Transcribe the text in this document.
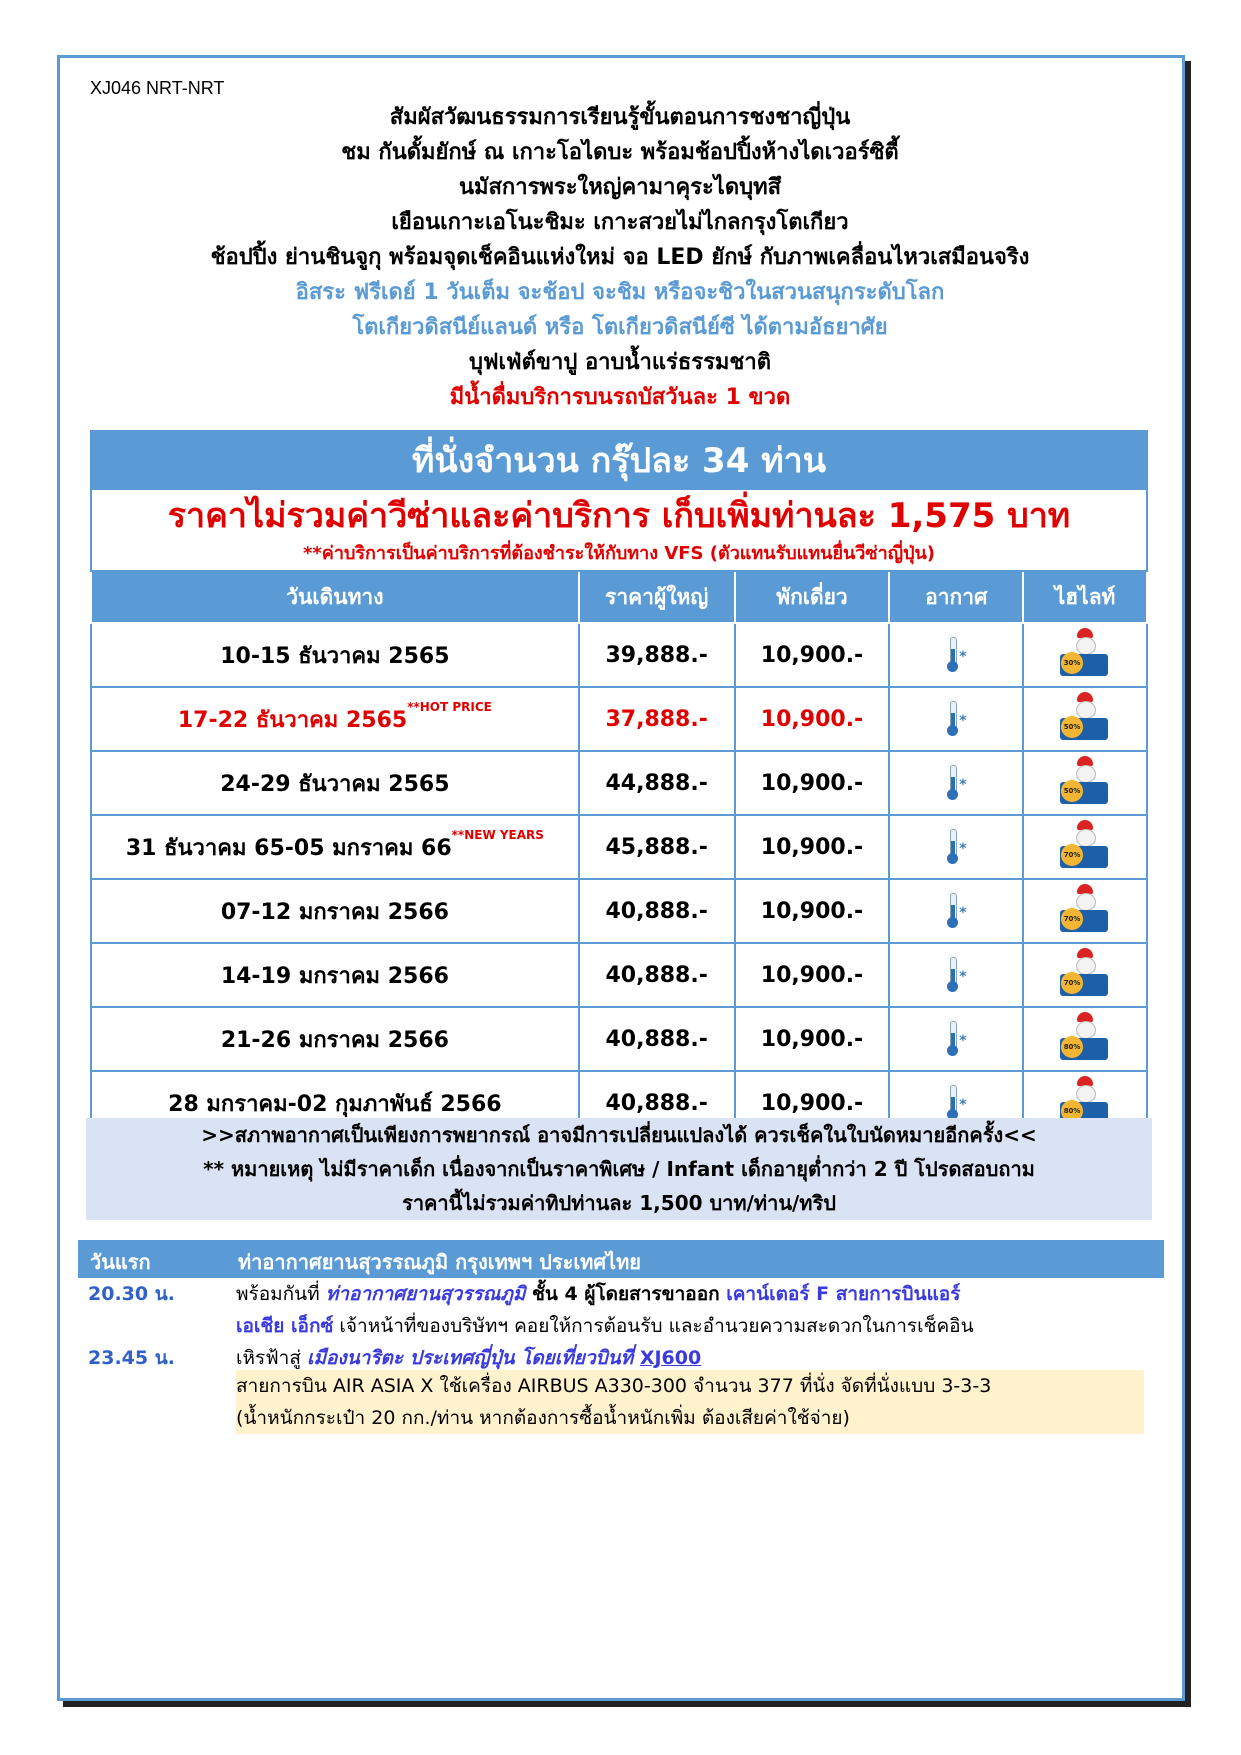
XJ046 NRT-NRT
สัมผัสวัฒนธรรมการเรียนรู้ขั้นตอนการชงชาญี่ปุ่น
ชม กันดั้มยักษ์ ณ เกาะโอไดบะ พร้อมช้อปปิ้งห้างไดเวอร์ซิตี้
นมัสการพระใหญ่คามาคุระไดบุทสึ
เยือนเกาะเอโนะชิมะ เกาะสวยไม่ไกลกรุงโตเกียว
ช้อปปิ้ง ย่านชินจูกุ พร้อมจุดเช็คอินแห่งใหม่ จอ LED ยักษ์ กับภาพเคลื่อนไหวเสมือนจริง
อิสระ ฟรีเดย์ 1 วันเต็ม จะช้อป จะชิม หรือจะชิวในสวนสนุกระดับโลก
โตเกียวดิสนีย์แลนด์ หรือ โตเกียวดิสนีย์ซี ได้ตามอัธยาศัย
บุฟเฟ่ต์ขาปู อาบน้ำแร่ธรรมชาติ
มีน้ำดื่มบริการบนรถบัสวันละ 1 ขวด
ที่นั่งจำนวน กรุ๊ปละ 34 ท่าน				

ราคาไม่รวมค่าวีซ่าและค่าบริการ เก็บเพิ่มท่านละ 1,575 บาท
**ค่าบริการเป็นค่าบริการที่ต้องชำระให้กับทาง VFS (ตัวแทนรับแทนยื่นวีซ่าญี่ปุ่น)				

วันเดินทาง	ราคาผู้ใหญ่	พักเดี่ยว	อากาศ	ไฮไลท์
10-15 ธันวาคม 2565	39,888.-	10,900.-	*	30%

17-22 ธันวาคม $2565^{**HOT PRICE}$	37,888.-	10,900.-	*	50%

24-29 ธันวาคม 2565	44,888.-	10,900.-	*	50%

31 ธันวาคม 65-05 มกราคม $66^{**NEW YEARS}$	45,888.-	10,900.-	*	70%

07-12 มกราคม 2566	40,888.-	10,900.-	*	70%

14-19 มกราคม 2566	40,888.-	10,900.-	*	70%

21-26 มกราคม 2566	40,888.-	10,900.-	*	80%

28 มกราคม-02 กุมภาพันธ์ 2566	40,888.-	10,900.-	*	80%
>>สภาพอากาศเป็นเพียงการพยากรณ์ อาจมีการเปลี่ยนแปลงได้ ควรเช็คในใบนัดหมายอีกครั้ง<<
** หมายเหตุ ไม่มีราคาเด็ก เนื่องจากเป็นราคาพิเศษ / Infant เด็กอายุต่ำกว่า 2 ปี โปรดสอบถาม
ราคานี้ไม่รวมค่าทิปท่านละ 1,500 บาท/ท่าน/ทริป
วันแรก	ท่าอากาศยานสุวรรณภูมิ กรุงเทพฯ ประเทศไทย
20.30 น.	พร้อมกันที่ ท่าอากาศยานสุวรรณภูมิ ชั้น 4 ผู้โดยสารขาออก เคาน์เตอร์ F สายการบินแอร์
เอเชีย เอ็กซ์ เจ้าหน้าที่ของบริษัทฯ คอยให้การต้อนรับ และอำนวยความสะดวกในการเช็คอิน
23.45 น.	เหิรฟ้าสู่ เมืองนาริตะ ประเทศญี่ปุ่น โดยเที่ยวบินที่ XJ600
สายการบิน AIR ASIA X ใช้เครื่อง AIRBUS A330-300 จำนวน 377 ที่นั่ง จัดที่นั่งแบบ 3-3-3
(น้ำหนักกระเป๋า 20 กก./ท่าน หากต้องการซื้อน้ำหนักเพิ่ม ต้องเสียค่าใช้จ่าย)
